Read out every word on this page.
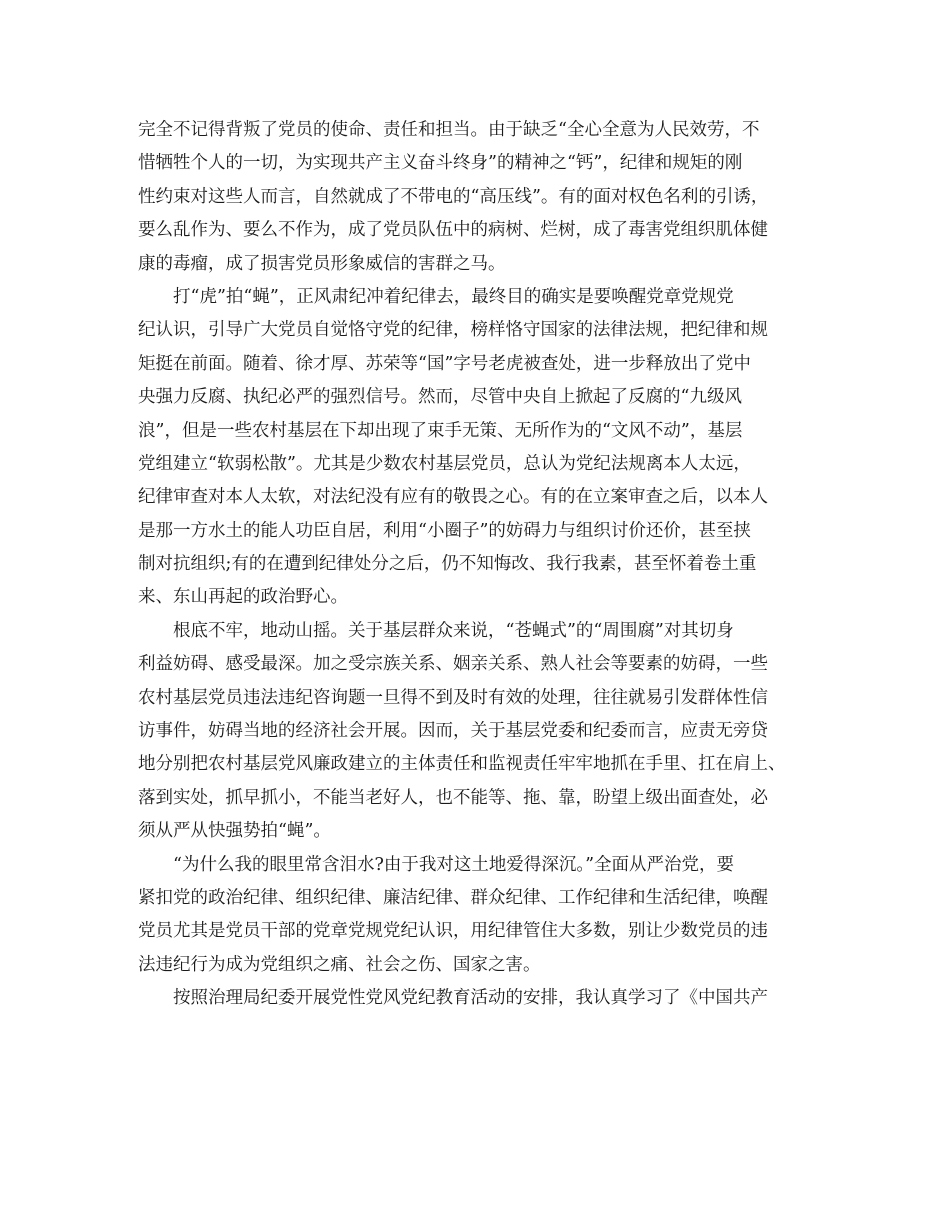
完全不记得背叛了党员的使命、责任和担当。由于缺乏“全心全意为人民效劳，不
惜牺牲个人的一切，为实现共产主义奋斗终身”的精神之“钙”，纪律和规矩的刚
性约束对这些人而言，自然就成了不带电的“高压线”。有的面对权色名利的引诱，
要么乱作为、要么不作为，成了党员队伍中的病树、烂树，成了毒害党组织肌体健
康的毒瘤，成了损害党员形象威信的害群之马。
打“虎”拍“蝇”，正风肃纪冲着纪律去，最终目的确实是要唤醒党章党规党
纪认识，引导广大党员自觉恪守党的纪律，榜样恪守国家的法律法规，把纪律和规
矩挺在前面。随着、徐才厚、苏荣等“国”字号老虎被查处，进一步释放出了党中
央强力反腐、执纪必严的强烈信号。然而，尽管中央自上掀起了反腐的“九级风
浪”，但是一些农村基层在下却出现了束手无策、无所作为的“文风不动”，基层
党组建立“软弱松散”。尤其是少数农村基层党员，总认为党纪法规离本人太远，
纪律审查对本人太软，对法纪没有应有的敬畏之心。有的在立案审查之后，以本人
是那一方水土的能人功臣自居，利用“小圈子”的妨碍力与组织讨价还价，甚至挟
制对抗组织;有的在遭到纪律处分之后，仍不知悔改、我行我素，甚至怀着卷土重
来、东山再起的政治野心。
根底不牢，地动山摇。关于基层群众来说，“苍蝇式”的“周围腐”对其切身
利益妨碍、感受最深。加之受宗族关系、姻亲关系、熟人社会等要素的妨碍，一些
农村基层党员违法违纪咨询题一旦得不到及时有效的处理，往往就易引发群体性信
访事件，妨碍当地的经济社会开展。因而，关于基层党委和纪委而言，应责无旁贷
地分别把农村基层党风廉政建立的主体责任和监视责任牢牢地抓在手里、扛在肩上、
落到实处，抓早抓小，不能当老好人，也不能等、拖、靠，盼望上级出面查处，必
须从严从快强势拍“蝇”。
“为什么我的眼里常含泪水?由于我对这土地爱得深沉。”全面从严治党，要
紧扣党的政治纪律、组织纪律、廉洁纪律、群众纪律、工作纪律和生活纪律，唤醒
党员尤其是党员干部的党章党规党纪认识，用纪律管住大多数，别让少数党员的违
法违纪行为成为党组织之痛、社会之伤、国家之害。
按照治理局纪委开展党性党风党纪教育活动的安排，我认真学习了《中国共产
